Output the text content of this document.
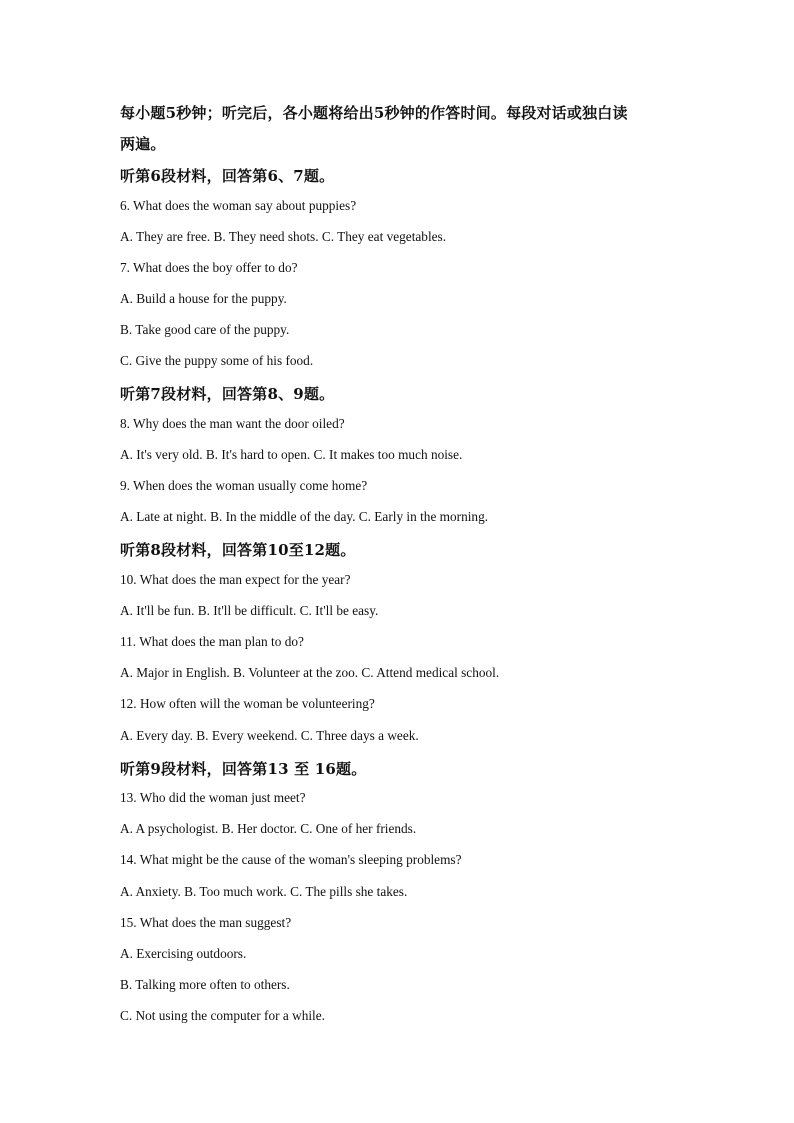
每小题5秒钟；听完后，各小题将给出5秒钟的作答时间。每段对话或独白读
两遍。
听第6段材料，回答第6、7题。
6. What does the woman say about puppies?
A. They are free. B. They need shots. C. They eat vegetables.
7. What does the boy offer to do?
A. Build a house for the puppy.
B. Take good care of the puppy.
C. Give the puppy some of his food.
听第7段材料，回答第8、9题。
8. Why does the man want the door oiled?
A. It's very old. B. It's hard to open. C. It makes too much noise.
9. When does the woman usually come home?
A. Late at night. B. In the middle of the day. C. Early in the morning.
听第8段材料，回答第10至12题。
10. What does the man expect for the year?
A. It'll be fun. B. It'll be difficult. C. It'll be easy.
11. What does the man plan to do?
A. Major in English. B. Volunteer at the zoo. C. Attend medical school.
12. How often will the woman be volunteering?
A. Every day. B. Every weekend. C. Three days a week.
听第9段材料，回答第13 至 16题。
13. Who did the woman just meet?
A. A psychologist. B. Her doctor. C. One of her friends.
14. What might be the cause of the woman's sleeping problems?
A. Anxiety. B. Too much work. C. The pills she takes.
15. What does the man suggest?
A. Exercising outdoors.
B. Talking more often to others.
C. Not using the computer for a while.
